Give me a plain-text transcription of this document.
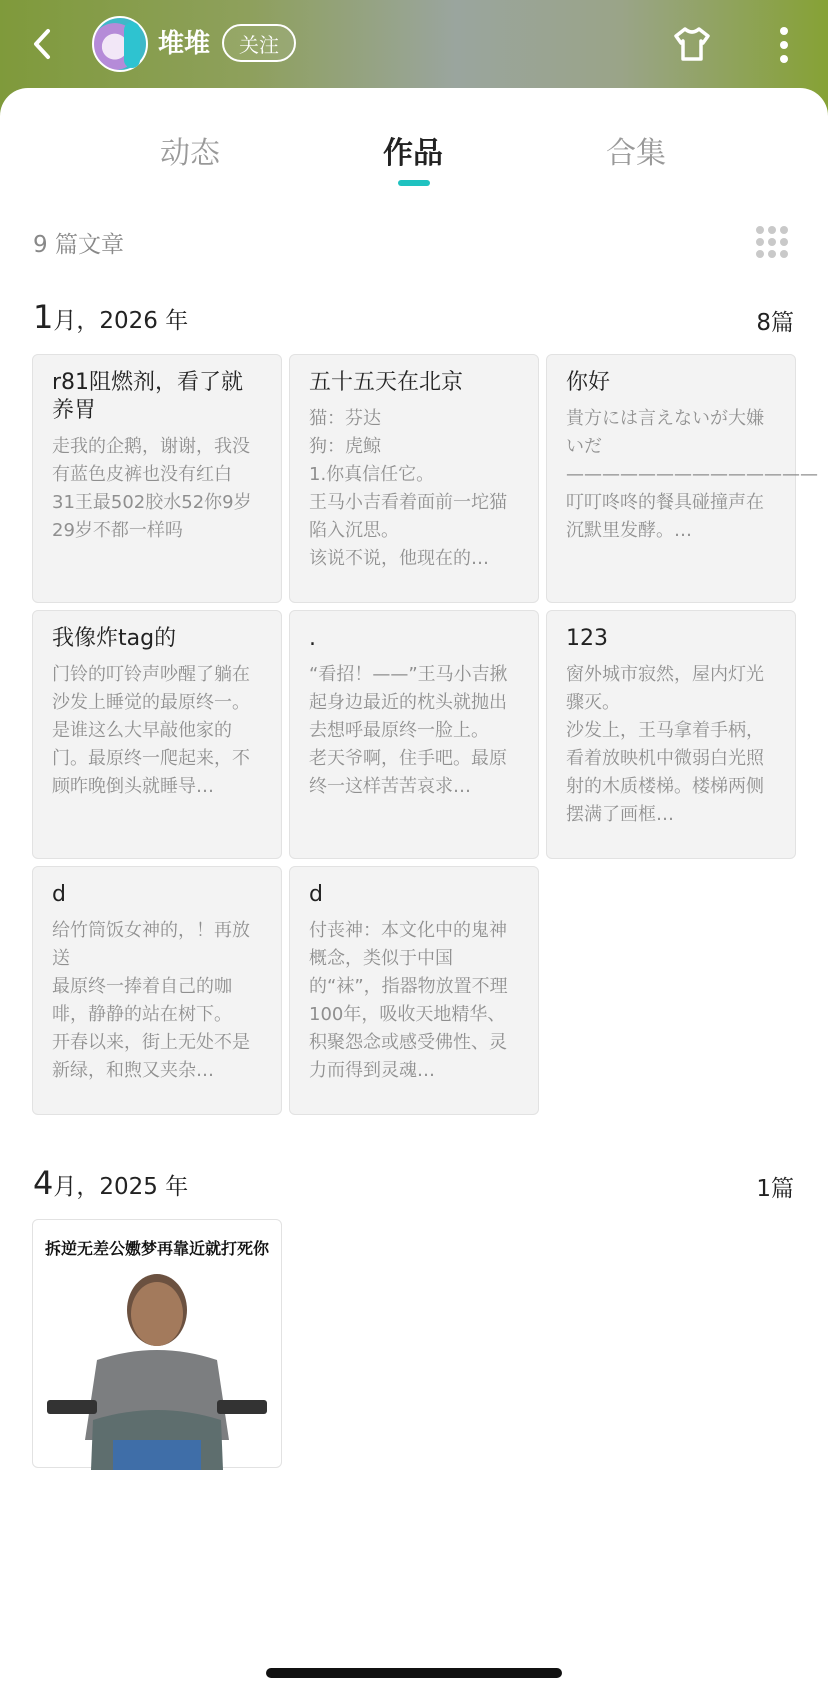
堆堆	关注
动态	作品	合集
9 篇文章
1月，2026 年	8篇
r81阻燃剂，看了就养胃
走我的企鹅，谢谢，我没有蓝色皮裤也没有红白
31王最502胶水52你9岁29岁不都一样吗
五十五天在北京
猫：芬达
狗：虎鲸
1.你真信任它。
王马小吉看着面前一坨猫陷入沉思。
该说不说，他现在的…
你好
貴方には言えないが大嫌いだ
——————————————
叮叮咚咚的餐具碰撞声在沉默里发酵。…
我像炸tag的
门铃的叮铃声吵醒了躺在沙发上睡觉的最原终一。
是谁这么大早敲他家的门。最原终一爬起来，不顾昨晚倒头就睡导…
.
“看招！——”王马小吉揪起身边最近的枕头就抛出去想呼最原终一脸上。
老天爷啊，住手吧。最原终一这样苦苦哀求…
123
窗外城市寂然，屋内灯光骤灭。
沙发上，王马拿着手柄，看着放映机中微弱白光照射的木质楼梯。楼梯两侧摆满了画框…
d
给竹筒饭女神的，！再放送
最原终一捧着自己的咖啡，静静的站在树下。
开春以来，街上无处不是新绿，和煦又夹杂…
d
付丧神：本文化中的鬼神概念，类似于中国的“袜”，指器物放置不理100年，吸收天地精华、积聚怨念或感受佛性、灵力而得到灵魂…
4月，2025 年	1篇
拆逆无差公嫐梦再靠近就打死你
